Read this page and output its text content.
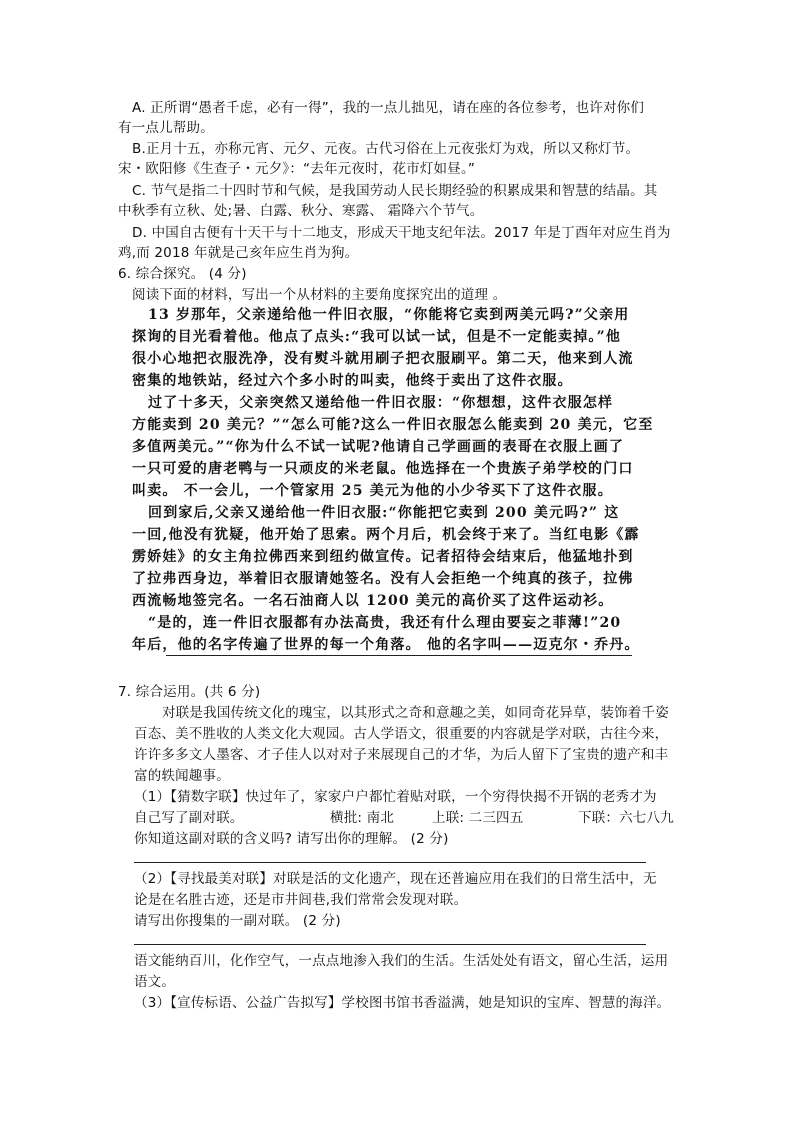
A. 正所谓“愚者千虑，必有一得”，我的一点儿拙见，请在座的各位参考，也许对你们
有一点儿帮助。
B.正月十五，亦称元宵、元夕、元夜。古代习俗在上元夜张灯为戏，所以又称灯节。
宋・欧阳修《生查子・元夕》：“去年元夜时，花市灯如昼。”
C. 节气是指二十四时节和气候，是我国劳动人民长期经验的积累成果和智慧的结晶。其
中秋季有立秋、处;暑、白露、秋分、寒露、 霜降六个节气。
D. 中国自古便有十天干与十二地支，形成天干地支纪年法。2017 年是丁酉年对应生肖为
鸡,而 2018 年就是己亥年应生肖为狗。
6. 综合探究。 (4 分)
阅读下面的材料，写出一个从材料的主要角度探究出的道理 。
13 岁那年，父亲递给他一件旧衣服，“你能将它卖到两美元吗?”父亲用
探询的目光看着他。他点了点头:“我可以试一试，但是不一定能卖掉。”他
很小心地把衣服洗净，没有熨斗就用刷子把衣服刷平。第二天，他来到人流
密集的地铁站，经过六个多小时的叫卖，他终于卖出了这件衣服。
过了十多天，父亲突然又递给他一件旧衣服：“你想想，这件衣服怎样
方能卖到 20 美元？”“怎么可能?这么一件旧衣服怎么能卖到 20 美元，它至
多值两美元。”“你为什么不试一试呢?他请自己学画画的表哥在衣服上画了
一只可爱的唐老鸭与一只顽皮的米老鼠。他选择在一个贵族子弟学校的门口
叫卖。 不一会儿，一个管家用 25 美元为他的小少爷买下了这件衣服。
回到家后,父亲又递给他一件旧衣服:“你能把它卖到 200 美元吗?” 这
一回,他没有犹疑，他开始了思索。两个月后，机会终于来了。当红电影《霹
雳娇娃》的女主角拉佛西来到纽约做宣传。记者招待会结束后，他猛地扑到
了拉弗西身边，举着旧衣服请她签名。没有人会拒绝一个纯真的孩子，拉佛
西流畅地签完名。一名石油商人以 1200 美元的高价买了这件运动衫。
“是的，连一件旧衣服都有办法高贵，我还有什么理由要妄之菲薄!”20
年后，他的名字传遍了世界的每一个角落。 他的名字叫——迈克尔・乔丹。
7. 综合运用。(共 6 分)
对联是我国传统文化的瑰宝，以其形式之奇和意趣之美，如同奇花异草，装饰着千姿
百态、美不胜收的人类文化大观园。古人学语文，很重要的内容就是学对联，古往今来，
许许多多文人墨客、才子佳人以对对子来展现自己的才华，为后人留下了宝贵的遗产和丰
富的轶闻趣事。
（1）【猜数字联】快过年了，家家户户都忙着贴对联，一个穷得快揭不开锅的老秀才为
自己写了副对联。	横批: 南北	上联: 二三四五	下联：六七八九
你知道这副对联的含义吗? 请写出你的理解。 (2 分)
（2）【寻找最美对联】对联是活的文化遗产，现在还普遍应用在我们的日常生活中，无
论是在名胜古迹，还是市井闾巷,我们常常会发现对联。
请写出你搜集的一副对联。 (2 分)
语文能纳百川，化作空气，一点点地渗入我们的生活。生活处处有语文，留心生活，运用
语文。
（3）【宣传标语、公益广告拟写】学校图书馆书香溢满，她是知识的宝库、智慧的海洋。
